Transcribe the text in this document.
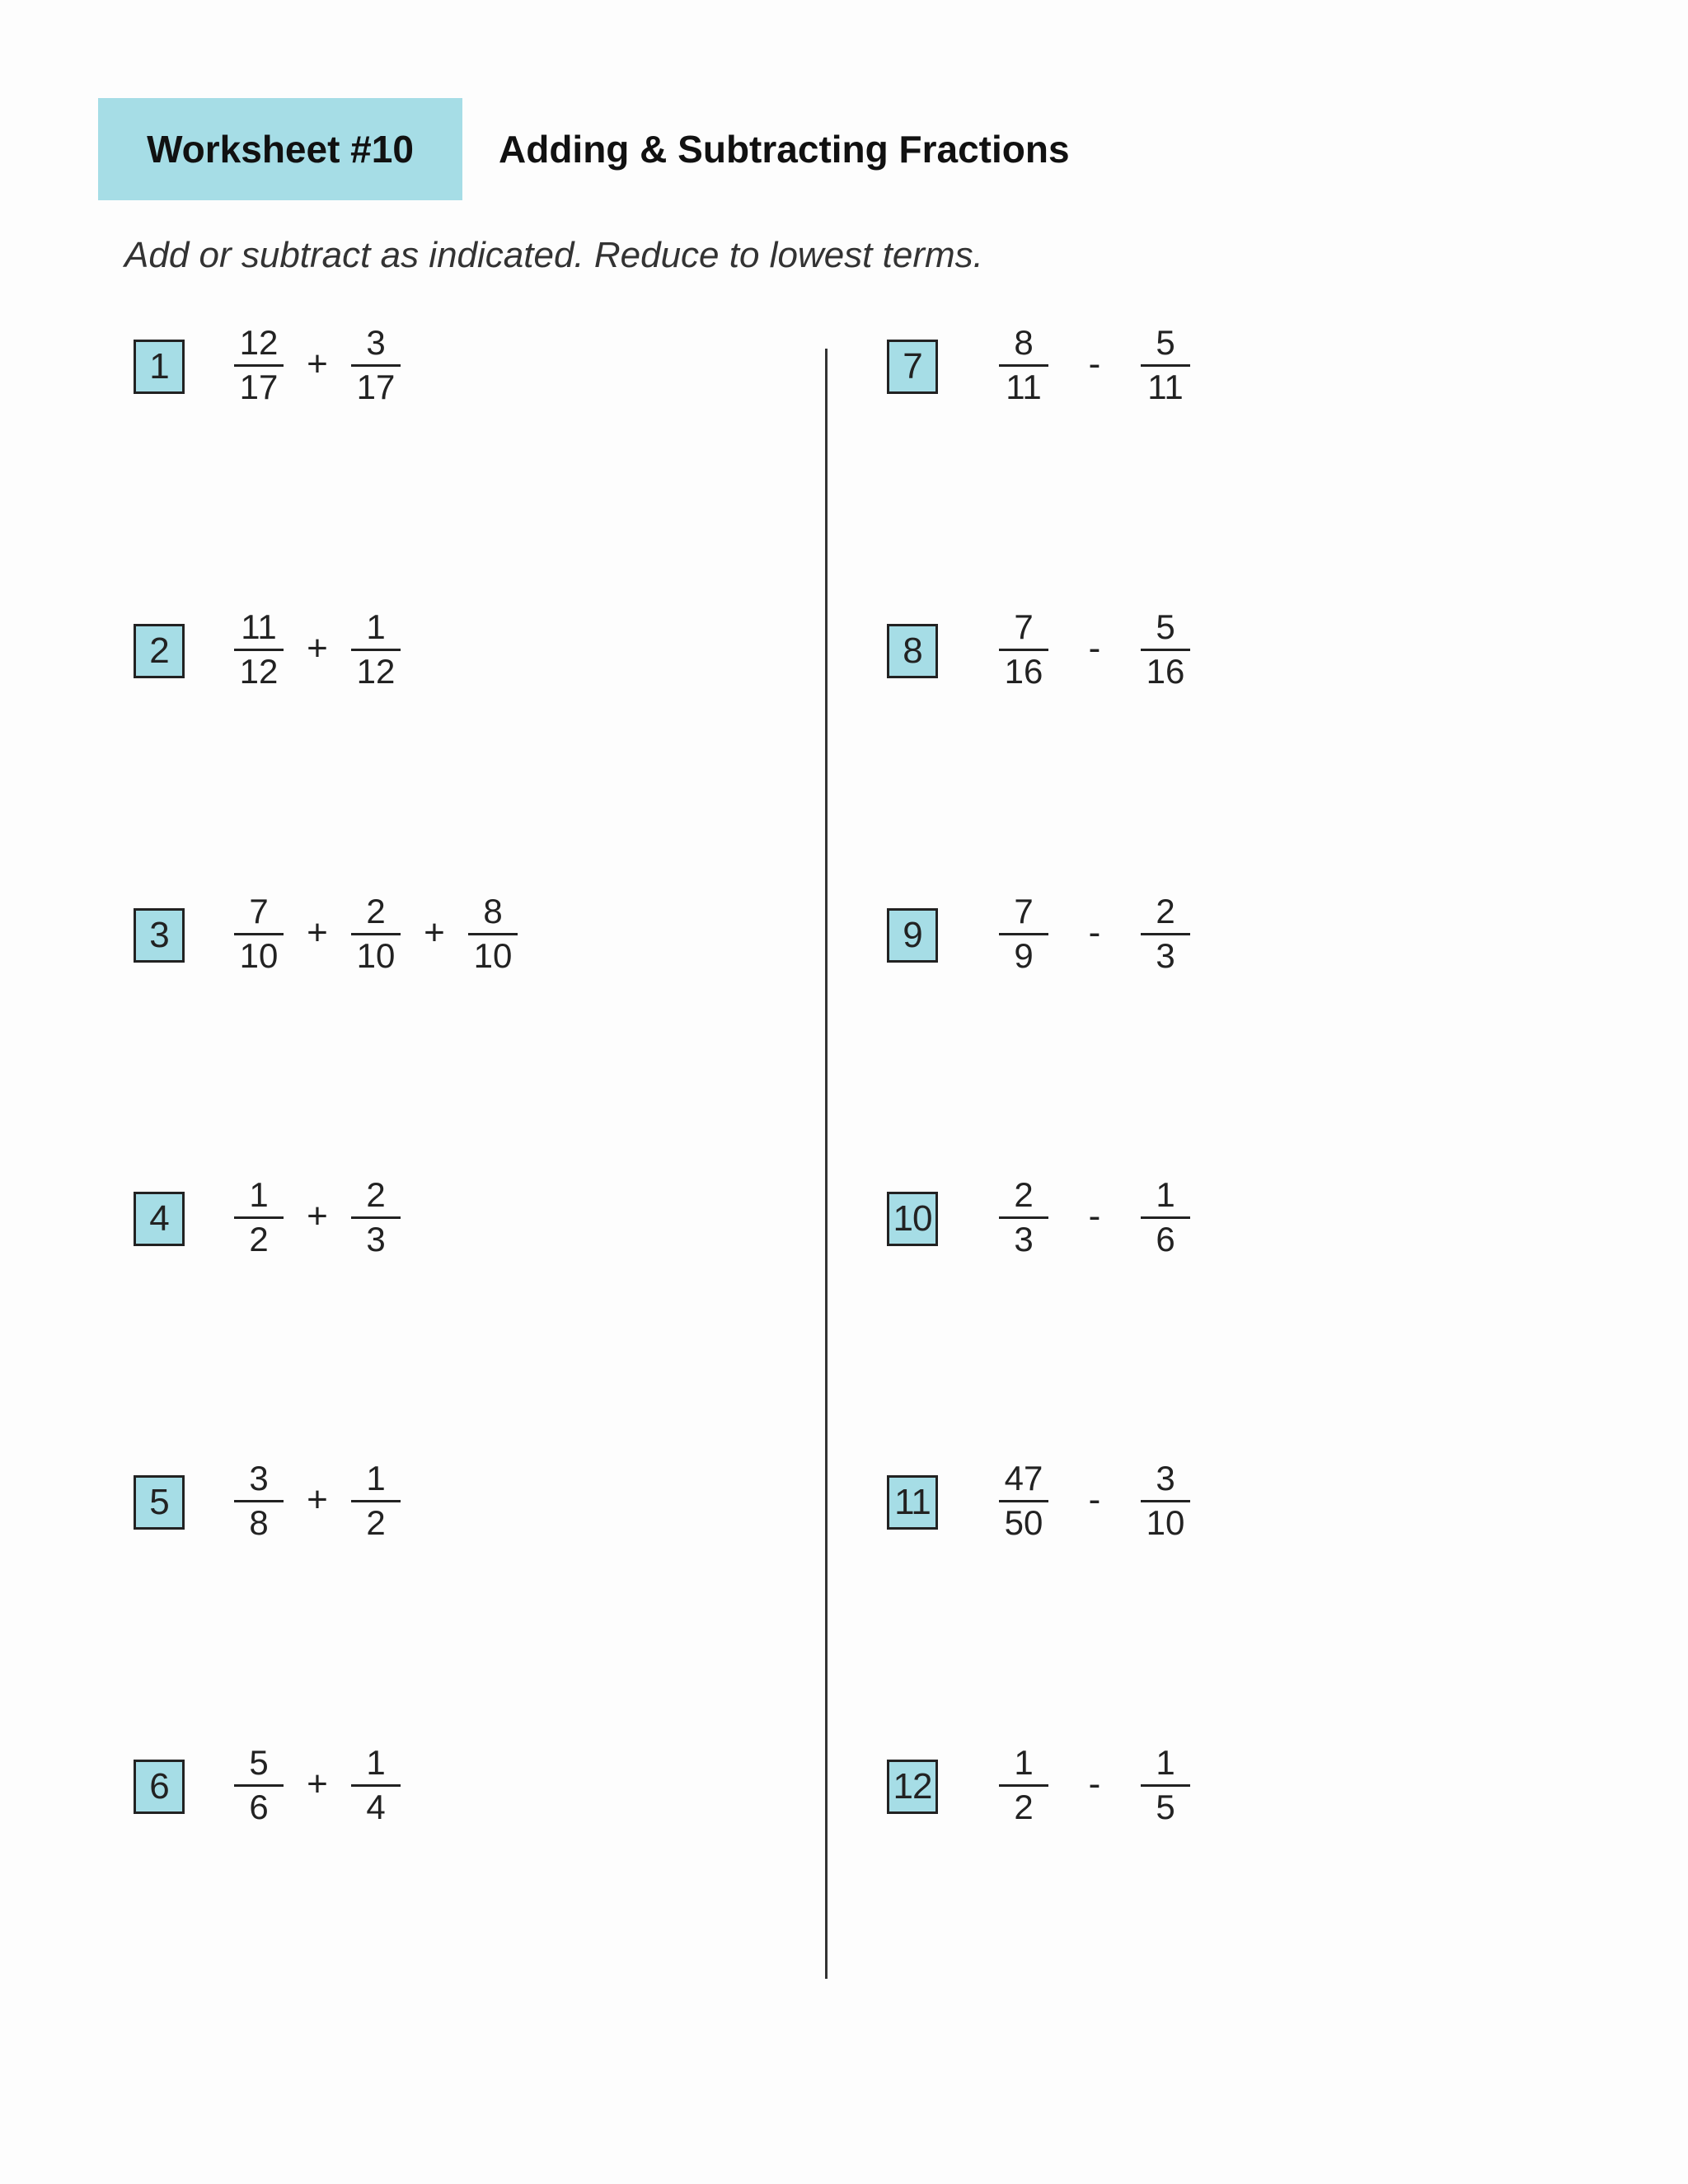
Worksheet #10	Adding & Subtracting Fractions
Add or subtract as indicated. Reduce to lowest terms.
1	$\frac{12}{17} + \frac{3}{17}$
2	$\frac{11}{12} + \frac{1}{12}$
3	$\frac{7}{10} + \frac{2}{10} + \frac{8}{10}$
4	$\frac{1}{2} + \frac{2}{3}$
5	$\frac{3}{8} + \frac{1}{2}$
6	$\frac{5}{6} + \frac{1}{4}$
7	$\frac{8}{11}$ -	$\frac{5}{11}$
8	$\frac{7}{16}$ -	$\frac{5}{16}$
9	$\frac{7}{9}$ -	$\frac{2}{3}$
$10 \frac{2}{3}$ -	$\frac{1}{6}$
$11 \frac{47}{50}$ -	$\frac{3}{10}$
$12 \frac{1}{2}$ -	$\frac{1}{5}$
